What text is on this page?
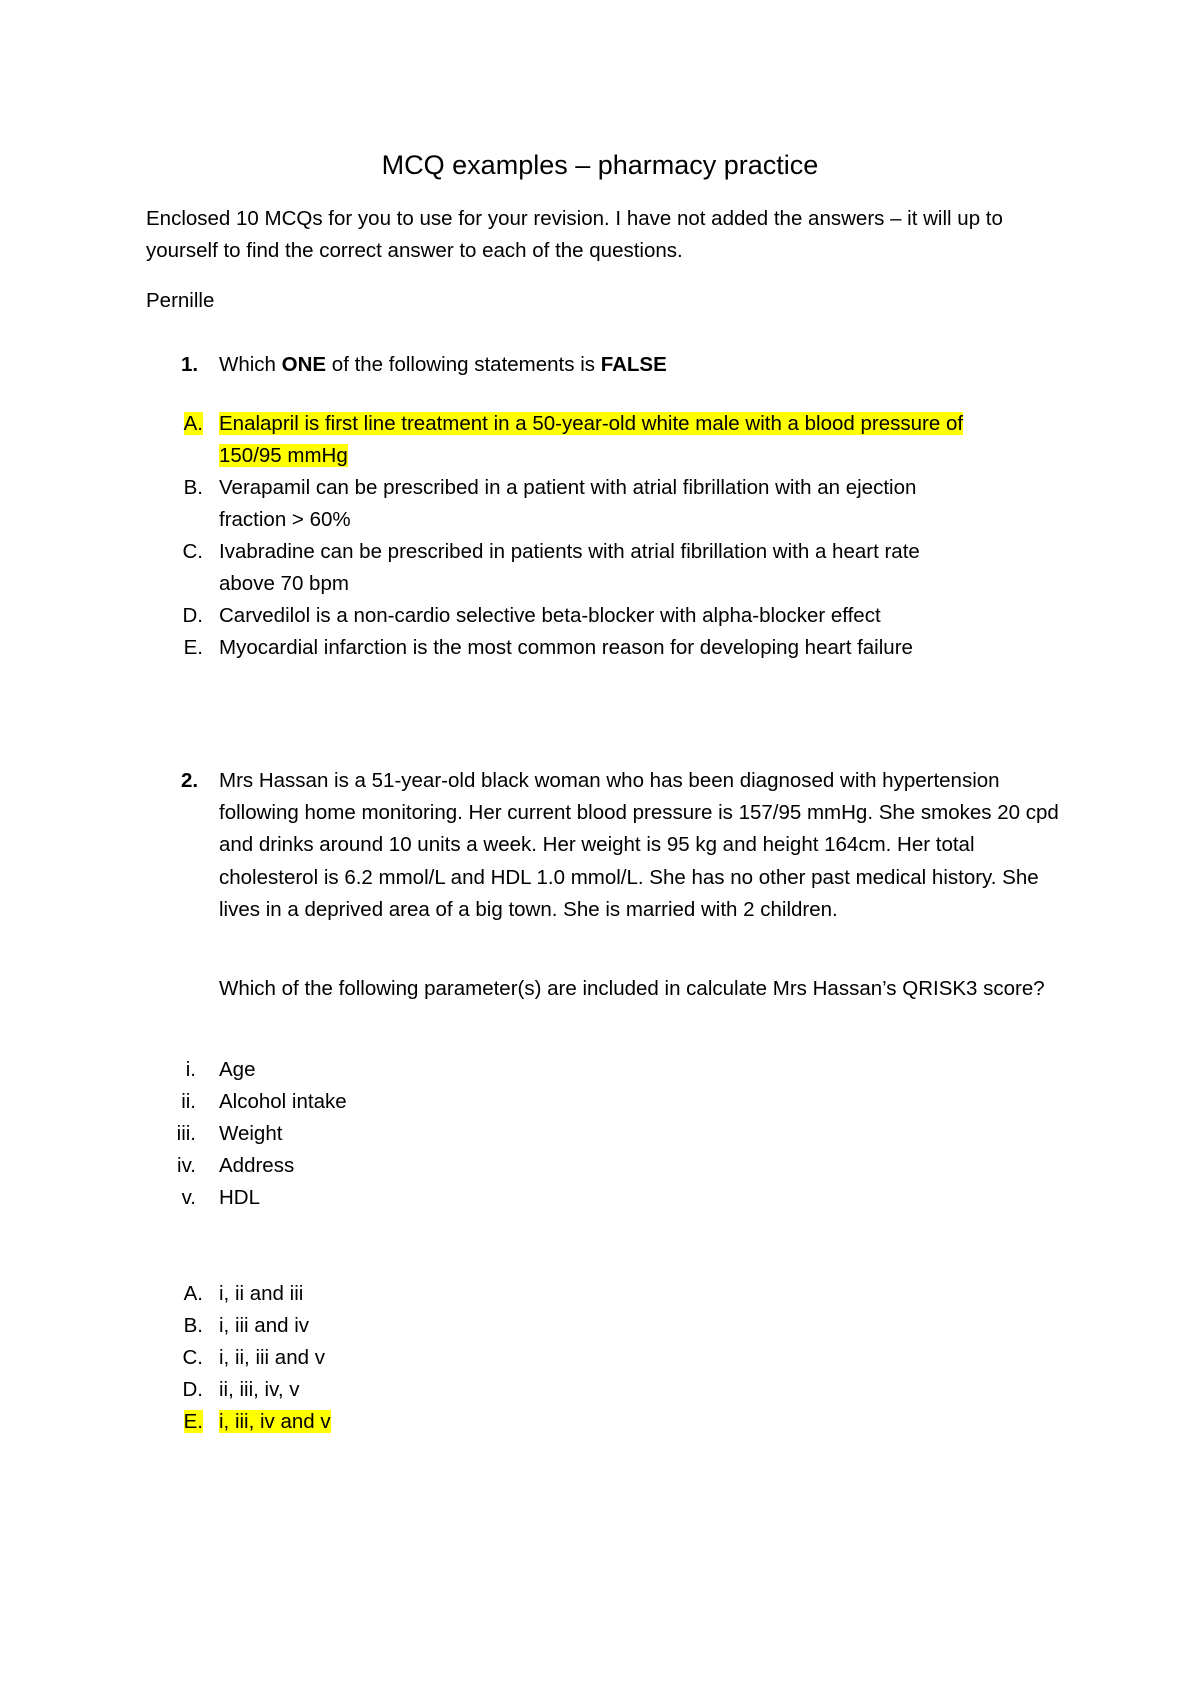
MCQ examples – pharmacy practice
Enclosed 10 MCQs for you to use for your revision. I have not added the answers – it will up to yourself to find the correct answer to each of the questions.
Pernille
1. Which ONE of the following statements is FALSE
A. Enalapril is first line treatment in a 50-year-old white male with a blood pressure of
150/95 mmHg
B. Verapamil can be prescribed in a patient with atrial fibrillation with an ejection
fraction > 60%
C. Ivabradine can be prescribed in patients with atrial fibrillation with a heart rate
above 70 bpm
D. Carvedilol is a non-cardio selective beta-blocker with alpha-blocker effect
E. Myocardial infarction is the most common reason for developing heart failure
2. Mrs Hassan is a 51-year-old black woman who has been diagnosed with hypertension following home monitoring. Her current blood pressure is 157/95 mmHg. She smokes 20 cpd and drinks around 10 units a week. Her weight is 95 kg and height 164cm. Her total cholesterol is 6.2 mmol/L and HDL 1.0 mmol/L. She has no other past medical history. She lives in a deprived area of a big town. She is married with 2 children.
Which of the following parameter(s) are included in calculate Mrs Hassan’s QRISK3 score?
i. Age
ii. Alcohol intake
iii. Weight
iv. Address
v. HDL
A. i, ii and iii
B. i, iii and iv
C. i, ii, iii and v
D. ii, iii, iv, v
E. i, iii, iv and v
